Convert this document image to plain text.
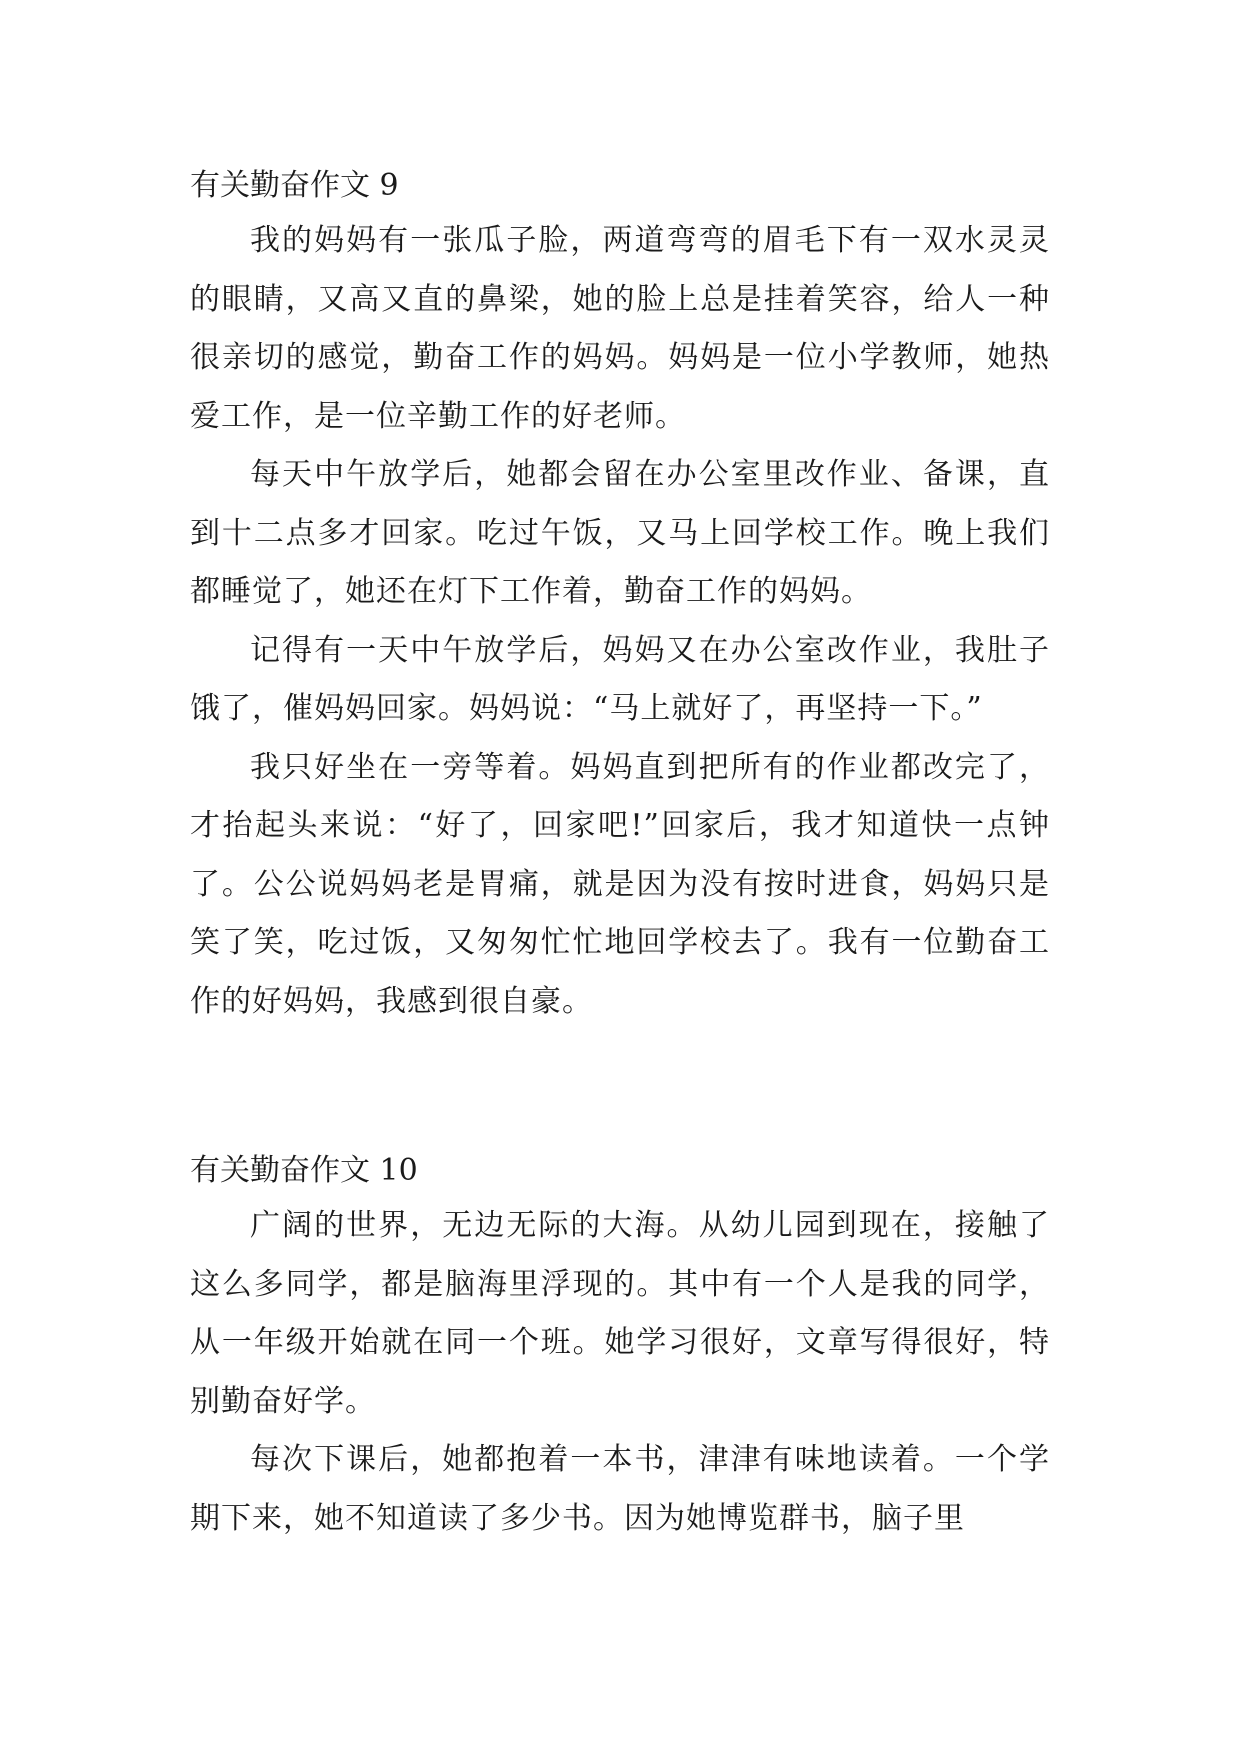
有关勤奋作文 9

我的妈妈有一张瓜子脸，两道弯弯的眉毛下有一双水灵灵的眼睛，又高又直的鼻梁，她的脸上总是挂着笑容，给人一种很亲切的感觉，勤奋工作的妈妈。妈妈是一位小学教师，她热爱工作，是一位辛勤工作的好老师。

每天中午放学后，她都会留在办公室里改作业、备课，直到十二点多才回家。吃过午饭，又马上回学校工作。晚上我们都睡觉了，她还在灯下工作着，勤奋工作的妈妈。

记得有一天中午放学后，妈妈又在办公室改作业，我肚子饿了，催妈妈回家。妈妈说：“马上就好了，再坚持一下。”

我只好坐在一旁等着。妈妈直到把所有的作业都改完了，才抬起头来说：“好了，回家吧!”回家后，我才知道快一点钟了。公公说妈妈老是胃痛，就是因为没有按时进食，妈妈只是笑了笑，吃过饭，又匆匆忙忙地回学校去了。我有一位勤奋工作的好妈妈，我感到很自豪。

有关勤奋作文 10

广阔的世界，无边无际的大海。从幼儿园到现在，接触了这么多同学，都是脑海里浮现的。其中有一个人是我的同学，从一年级开始就在同一个班。她学习很好，文章写得很好，特别勤奋好学。

每次下课后，她都抱着一本书，津津有味地读着。一个学期下来，她不知道读了多少书。因为她博览群书，脑子里
